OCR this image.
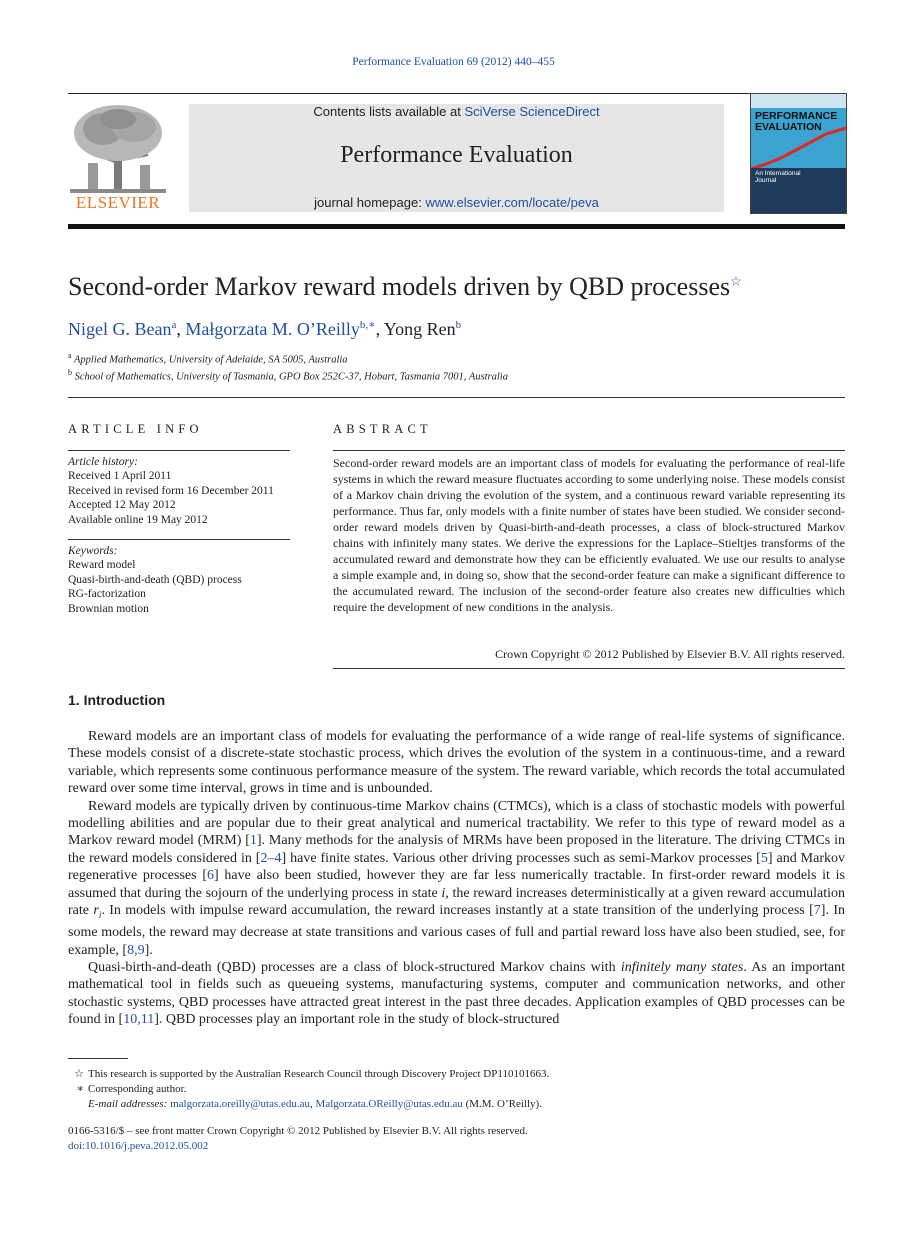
Performance Evaluation 69 (2012) 440–455
ELSEVIER
Contents lists available at SciVerse ScienceDirect
Performance Evaluation
journal homepage: www.elsevier.com/locate/peva
PERFORMANCE
EVALUATION
An International
Journal
Second-order Markov reward models driven by QBD processes☆
Nigel G. Bean$^a$, Małgorzata M. O’Reilly$^{b,∗}$, Yong Ren$^b$
$^a$ Applied Mathematics, University of Adelaide, SA 5005, Australia
$^b$ School of Mathematics, University of Tasmania, GPO Box 252C-37, Hobart, Tasmania 7001, Australia
ARTICLE INFO
Article history:
Received 1 April 2011
Received in revised form 16 December 2011
Accepted 12 May 2012
Available online 19 May 2012
Keywords:
Reward model
Quasi-birth-and-death (QBD) process
RG-factorization
Brownian motion
ABSTRACT
Second-order reward models are an important class of models for evaluating the performance of real-life systems in which the reward measure fluctuates according to some underlying noise. These models consist of a Markov chain driving the evolution of the system, and a continuous reward variable representing its performance. Thus far, only models with a finite number of states have been studied. We consider second-order reward models driven by Quasi-birth-and-death processes, a class of block-structured Markov chains with infinitely many states. We derive the expressions for the Laplace–Stieltjes transforms of the accumulated reward and demonstrate how they can be efficiently evaluated. We use our results to analyse a simple example and, in doing so, show that the second-order feature can make a significant difference to the accumulated reward. The inclusion of the second-order feature also creates new difficulties which require the development of new conditions in the analysis.
Crown Copyright © 2012 Published by Elsevier B.V. All rights reserved.
1. Introduction

Reward models are an important class of models for evaluating the performance of a wide range of real-life systems of significance. These models consist of a discrete-state stochastic process, which drives the evolution of the system in a continuous-time, and a reward variable, which represents some continuous performance measure of the system. The reward variable, which records the total accumulated reward over some time interval, grows in time and is unbounded.

Reward models are typically driven by continuous-time Markov chains (CTMCs), which is a class of stochastic models with powerful modelling abilities and are popular due to their great analytical and numerical tractability. We refer to this type of reward model as a Markov reward model (MRM) [1]. Many methods for the analysis of MRMs have been proposed in the literature. The driving CTMCs in the reward models considered in [2–4] have finite states. Various other driving processes such as semi-Markov processes [5] and Markov regenerative processes [6] have also been studied, however they are far less numerically tractable. In first-order reward models it is assumed that during the sojourn of the underlying process in state i, the reward increases deterministically at a given reward accumulation rate $r_i$. In models with impulse reward accumulation, the reward increases instantly at a state transition of the underlying process [7]. In some models, the reward may decrease at state transitions and various cases of full and partial reward loss have also been studied, see, for example, [8,9].

Quasi-birth-and-death (QBD) processes are a class of block-structured Markov chains with infinitely many states. As an important mathematical tool in fields such as queueing systems, manufacturing systems, computer and communication networks, and other stochastic systems, QBD processes have attracted great interest in the past three decades. Application examples of QBD processes can be found in [10,11]. QBD processes play an important role in the study of block-structured

☆ This research is supported by the Australian Research Council through Discovery Project DP110101663.
∗ Corresponding author.
E-mail addresses: malgorzata.oreilly@utas.edu.au, Malgorzata.OReilly@utas.edu.au (M.M. O’Reilly).
0166-5316/$ – see front matter Crown Copyright © 2012 Published by Elsevier B.V. All rights reserved.
doi:10.1016/j.peva.2012.05.002
